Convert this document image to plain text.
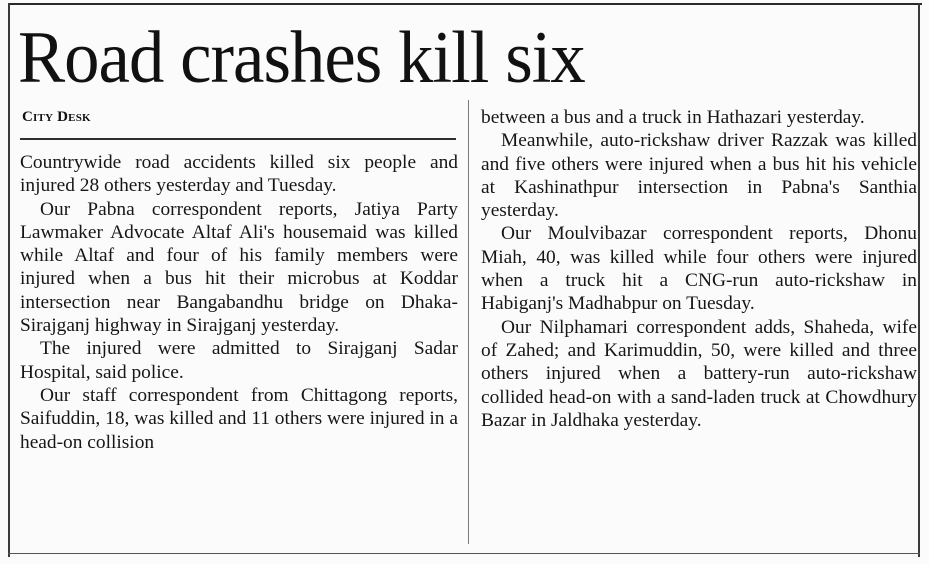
Road crashes kill six
City Desk

Countrywide road accidents killed six people and injured 28 others yesterday and Tuesday.

Our Pabna correspondent reports, Jatiya Party Lawmaker Advocate Altaf Ali's housemaid was killed while Altaf and four of his family members were injured when a bus hit their microbus at Koddar intersection near Bangabandhu bridge on Dhaka-Sirajganj highway in Sirajganj yesterday.

The injured were admitted to Sirajganj Sadar Hospital, said police.

Our staff correspondent from Chittagong reports, Saifuddin, 18, was killed and 11 others were injured in a head-on collision

between a bus and a truck in Hathazari yesterday.

Meanwhile, auto-rickshaw driver Razzak was killed and five others were injured when a bus hit his vehicle at Kashinathpur intersection in Pabna's Santhia yesterday.

Our Moulvibazar correspondent reports, Dhonu Miah, 40, was killed while four others were injured when a truck hit a CNG-run auto-rickshaw in Habiganj's Madhabpur on Tuesday.

Our Nilphamari correspondent adds, Shaheda, wife of Zahed; and Karimuddin, 50, were killed and three others injured when a battery-run auto-rickshaw collided head-on with a sand-laden truck at Chowdhury Bazar in Jaldhaka yesterday.
